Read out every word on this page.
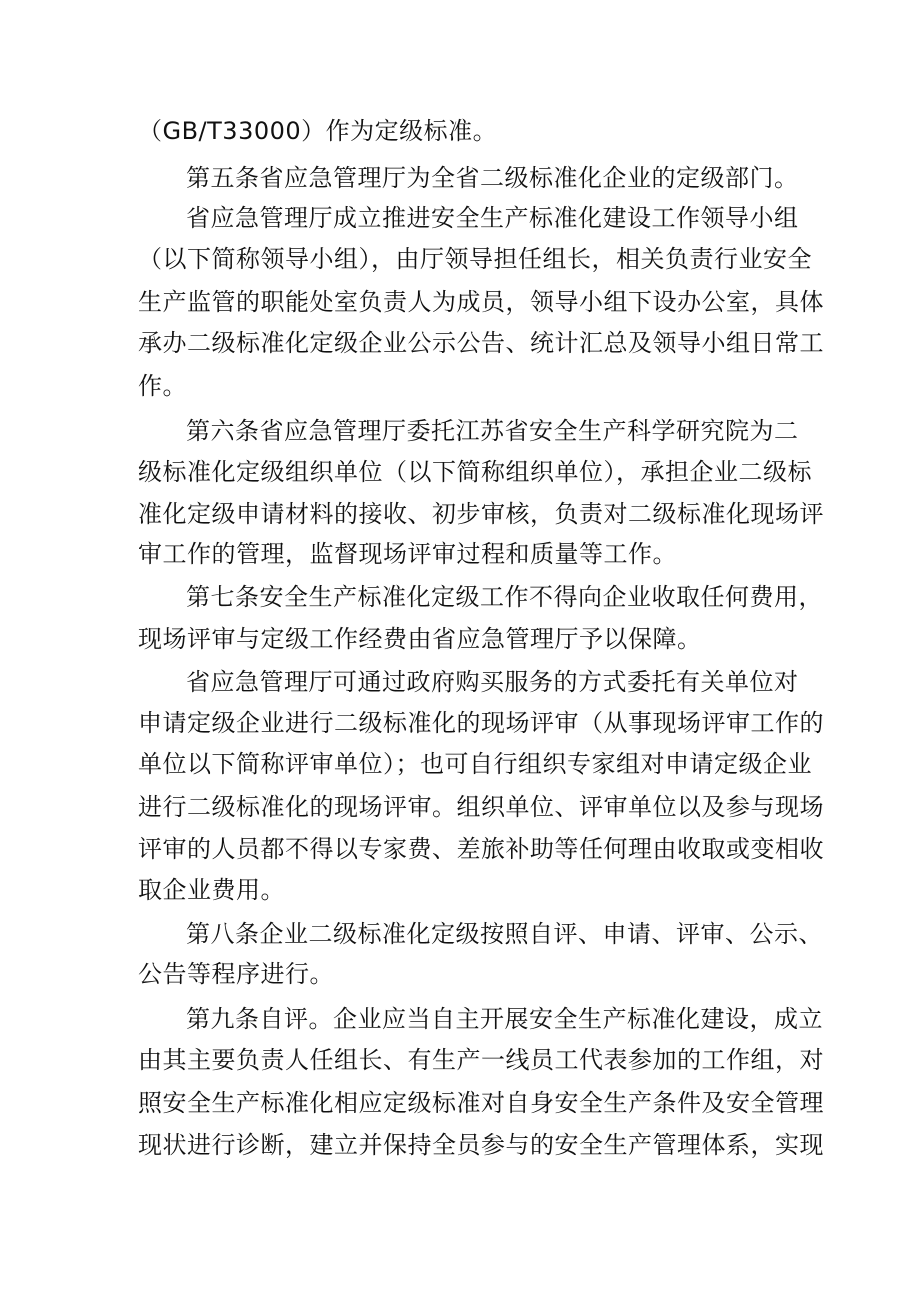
（GB/T33000）作为定级标准。
第五条省应急管理厅为全省二级标准化企业的定级部门。
省应急管理厅成立推进安全生产标准化建设工作领导小组
（以下简称领导小组），由厅领导担任组长，相关负责行业安全
生产监管的职能处室负责人为成员，领导小组下设办公室，具体
承办二级标准化定级企业公示公告、统计汇总及领导小组日常工
作。
第六条省应急管理厅委托江苏省安全生产科学研究院为二
级标准化定级组织单位（以下简称组织单位），承担企业二级标
准化定级申请材料的接收、初步审核，负责对二级标准化现场评
审工作的管理，监督现场评审过程和质量等工作。
第七条安全生产标准化定级工作不得向企业收取任何费用，
现场评审与定级工作经费由省应急管理厅予以保障。
省应急管理厅可通过政府购买服务的方式委托有关单位对
申请定级企业进行二级标准化的现场评审（从事现场评审工作的
单位以下简称评审单位）；也可自行组织专家组对申请定级企业
进行二级标准化的现场评审。组织单位、评审单位以及参与现场
评审的人员都不得以专家费、差旅补助等任何理由收取或变相收
取企业费用。
第八条企业二级标准化定级按照自评、申请、评审、公示、
公告等程序进行。
第九条自评。企业应当自主开展安全生产标准化建设，成立
由其主要负责人任组长、有生产一线员工代表参加的工作组，对
照安全生产标准化相应定级标准对自身安全生产条件及安全管理
现状进行诊断，建立并保持全员参与的安全生产管理体系，实现
